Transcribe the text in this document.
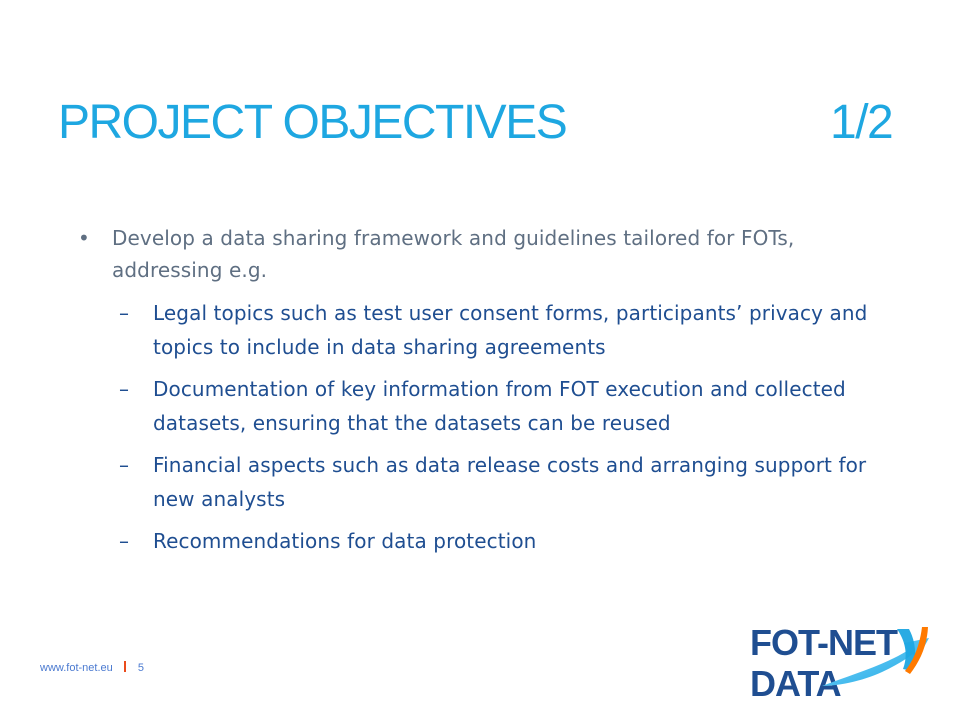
PROJECT OBJECTIVES	1/2
• Develop a data sharing framework and guidelines tailored for FOTs, addressing e.g.
– Legal topics such as test user consent forms, participants’ privacy and topics to include in data sharing agreements
– Documentation of key information from FOT execution and collected datasets, ensuring that the datasets can be reused
– Financial aspects such as data release costs and arranging support for new analysts
– Recommendations for data protection
www.fot-net.eu 5
FOT-NET
DATA
